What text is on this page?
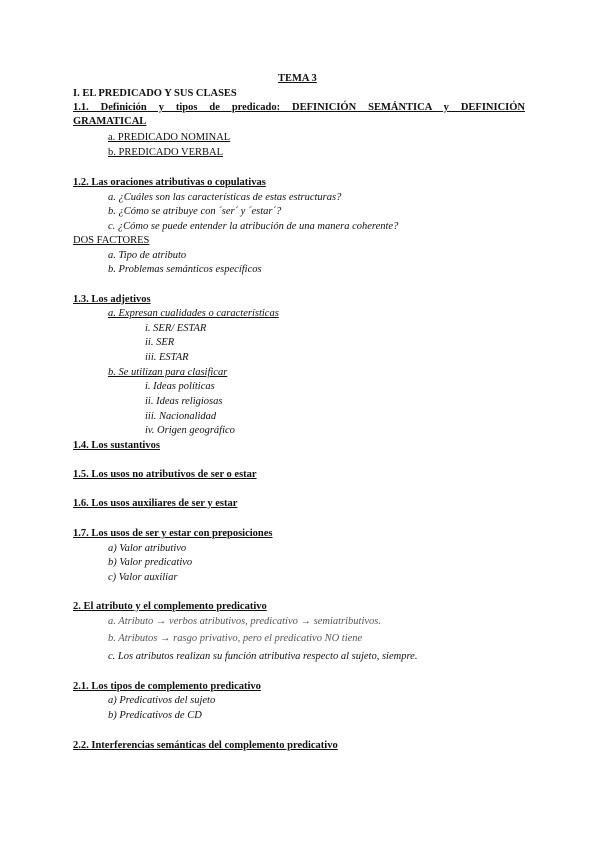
TEMA 3
I. EL PREDICADO Y SUS CLASES
1.1. Definición y tipos de predicado: DEFINICIÓN SEMÁNTICA y DEFINICIÓN
GRAMATICAL
a. PREDICADO NOMINAL
b. PREDICADO VERBAL
1.2. Las oraciones atributivas o copulativas
a. ¿Cuáles son las características de estas estructuras?
b. ¿Cómo se atribuye con ´ser´ y ´estar´?
c. ¿Cómo se puede entender la atribución de una manera coherente?
DOS FACTORES
a. Tipo de atributo
b. Problemas semánticos específicos
1.3. Los adjetivos
a. Expresan cualidades o características
i. SER/ ESTAR
ii. SER
iii. ESTAR
b. Se utilizan para clasificar
i. Ideas políticas
ii. Ideas religiosas
iii. Nacionalidad
iv. Origen geográfico
1.4. Los sustantivos
1.5. Los usos no atributivos de ser o estar
1.6. Los usos auxiliares de ser y estar
1.7. Los usos de ser y estar con preposiciones
a) Valor atributivo
b) Valor predicativo
c) Valor auxiliar
2. El atributo y el complemento predicativo
a. Atributo → verbos atributivos, predicativo → semiatributivos.
b. Atributos → rasgo privativo, pero el predicativo NO tiene
c. Los atributos realizan su función atributiva respecto al sujeto, siempre.
2.1. Los tipos de complemento predicativo
a) Predicativos del sujeto
b) Predicativos de CD
2.2. Interferencias semánticas del complemento predicativo
